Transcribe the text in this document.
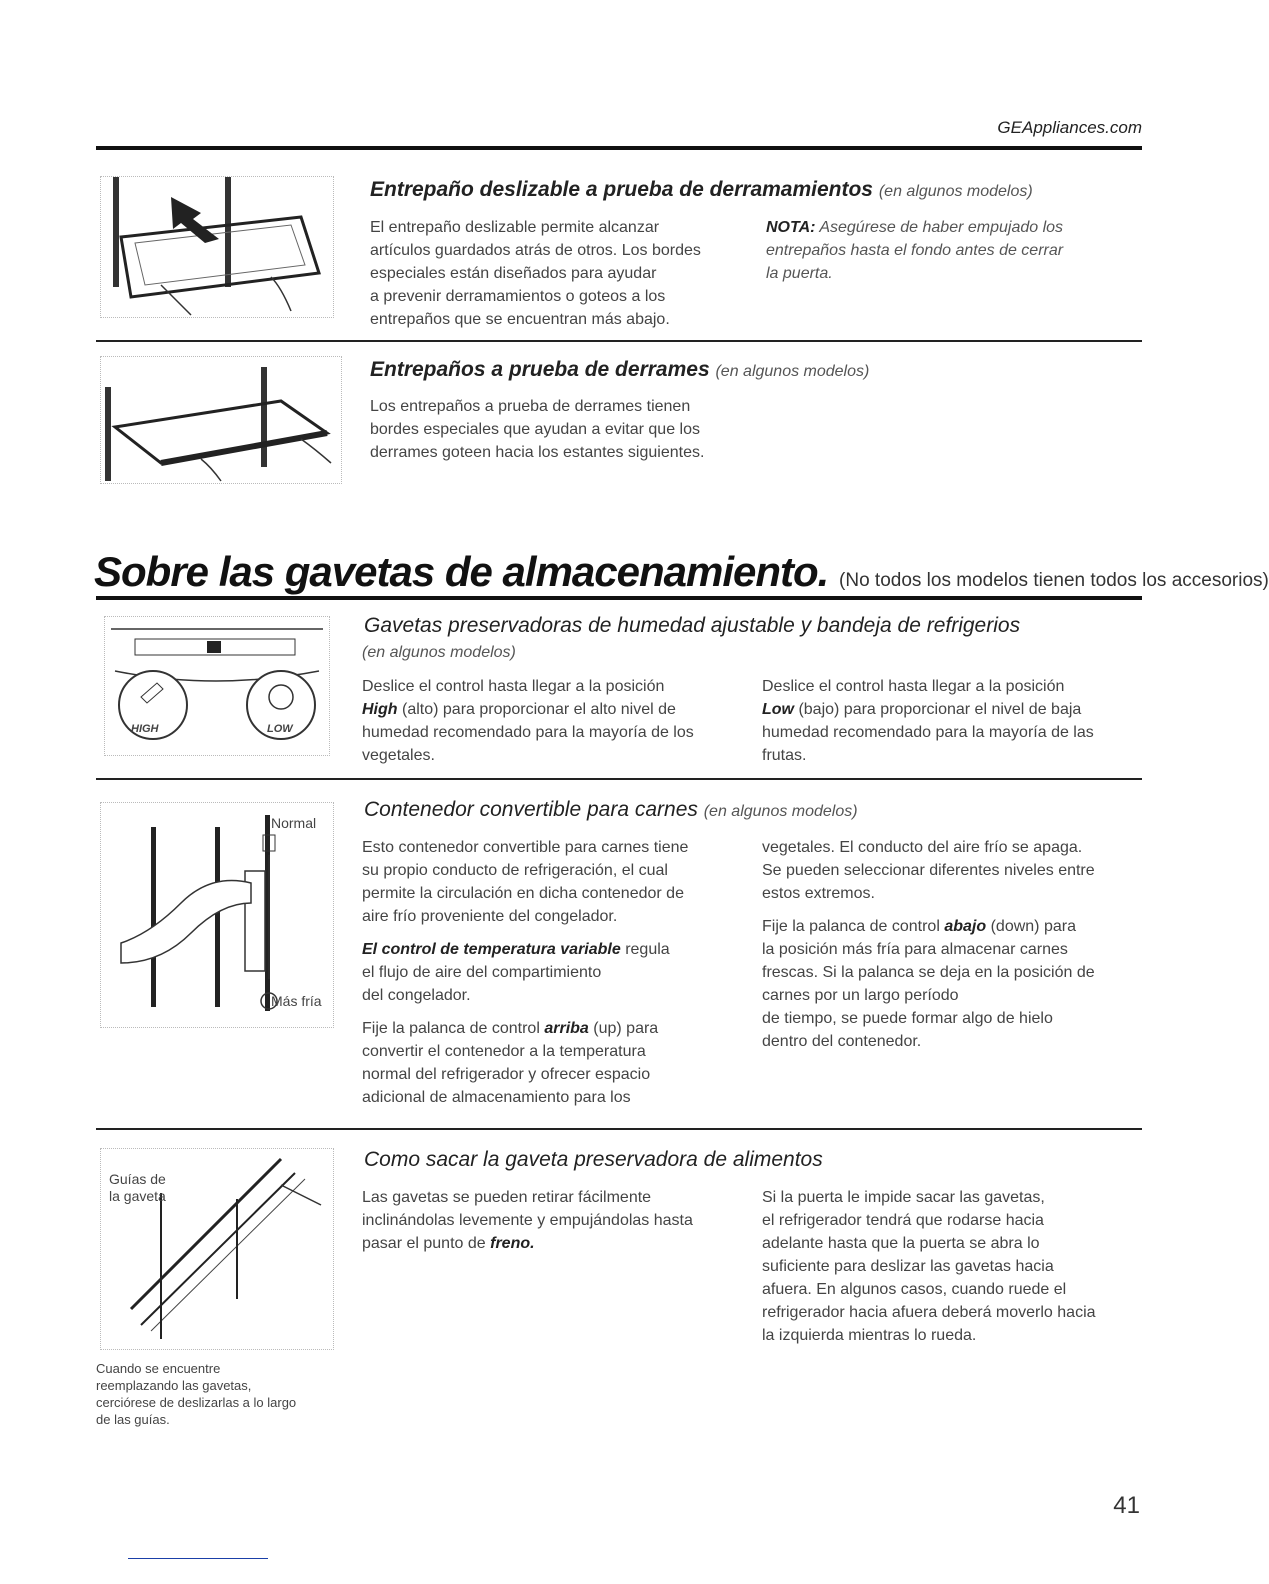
GEAppliances.com
Entrepaño deslizable a prueba de derramamientos (en algunos modelos)
El entrepaño deslizable permite alcanzar
artículos guardados atrás de otros. Los bordes
especiales están diseñados para ayudar
a prevenir derramamientos o goteos a los
entrepaños que se encuentran más abajo.
NOTA: Asegúrese de haber empujado los
entrepaños hasta el fondo antes de cerrar
la puerta.
Entrepaños a prueba de derrames (en algunos modelos)
Los entrepaños a prueba de derrames tienen
bordes especiales que ayudan a evitar que los
derrames goteen hacia los estantes siguientes.
Sobre las gavetas de almacenamiento. (No todos los modelos tienen todos los accesorios)
HIGH	LOW
Gavetas preservadoras de humedad ajustable y bandeja de refrigerios
(en algunos modelos)
Deslice el control hasta llegar a la posición
High (alto) para proporcionar el alto nivel de
humedad recomendado para la mayoría de los
vegetales.
Deslice el control hasta llegar a la posición
Low (bajo) para proporcionar el nivel de baja
humedad recomendado para la mayoría de las
frutas.
Normal
Más fría
Contenedor convertible para carnes (en algunos modelos)
Esto contenedor convertible para carnes tiene
su propio conducto de refrigeración, el cual
permite la circulación en dicha contenedor de
aire frío proveniente del congelador.
El control de temperatura variable regula
el flujo de aire del compartimiento
del congelador.
Fije la palanca de control arriba (up) para
convertir el contenedor a la temperatura
normal del refrigerador y ofrecer espacio
adicional de almacenamiento para los
vegetales. El conducto del aire frío se apaga.
Se pueden seleccionar diferentes niveles entre
estos extremos.
Fije la palanca de control abajo (down) para
la posición más fría para almacenar carnes
frescas. Si la palanca se deja en la posición de
carnes por un largo período
de tiempo, se puede formar algo de hielo
dentro del contenedor.
Guías de
la gaveta
Cuando se encuentre
reemplazando las gavetas,
cerciórese de deslizarlas a lo largo
de las guías.
Como sacar la gaveta preservadora de alimentos
Las gavetas se pueden retirar fácilmente
inclinándolas levemente y empujándolas hasta
pasar el punto de freno.
Si la puerta le impide sacar las gavetas,
el refrigerador tendrá que rodarse hacia
adelante hasta que la puerta se abra lo
suficiente para deslizar las gavetas hacia
afuera. En algunos casos, cuando ruede el
refrigerador hacia afuera deberá moverlo hacia
la izquierda mientras lo rueda.
41
